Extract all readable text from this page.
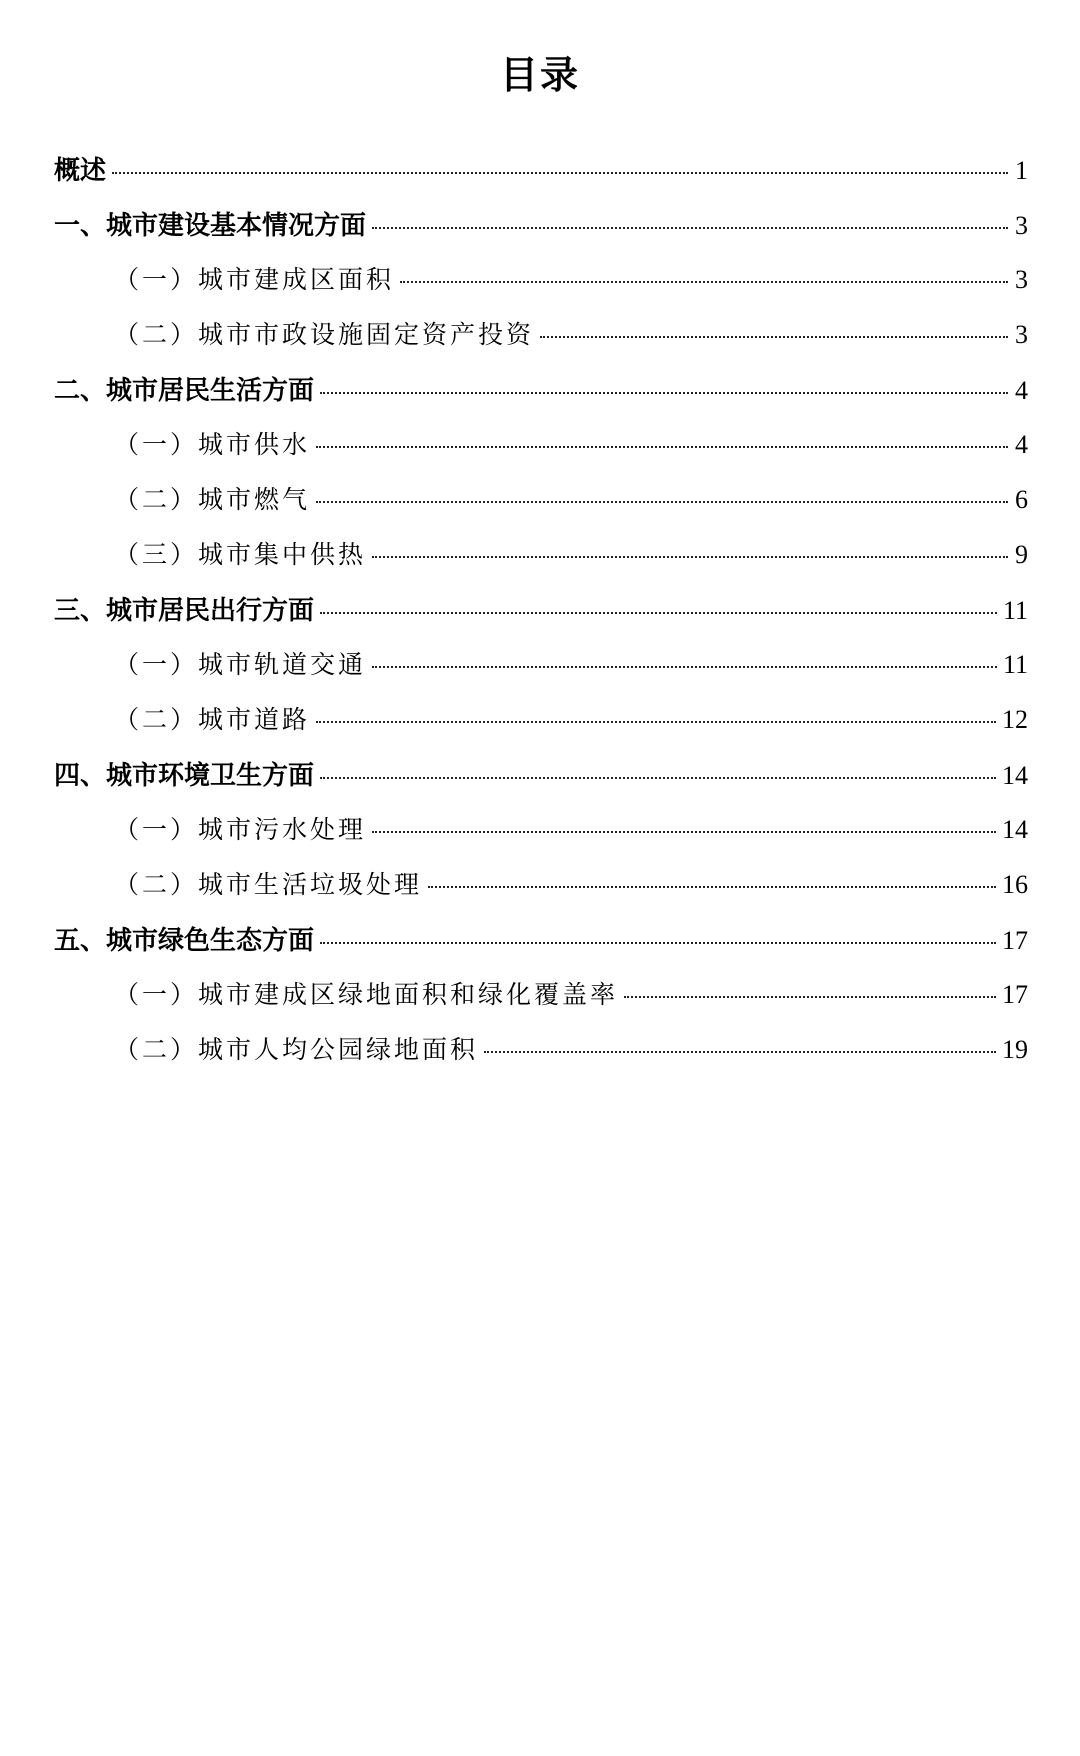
目录
概述	1
一、城市建设基本情况方面	3
（一）城市建成区面积	3
（二）城市市政设施固定资产投资	3
二、城市居民生活方面	4
（一）城市供水	4
（二）城市燃气	6
（三）城市集中供热	9
三、城市居民出行方面	11
（一）城市轨道交通	11
（二）城市道路	12
四、城市环境卫生方面	14
（一）城市污水处理	14
（二）城市生活垃圾处理	16
五、城市绿色生态方面	17
（一）城市建成区绿地面积和绿化覆盖率	17
（二）城市人均公园绿地面积	19
